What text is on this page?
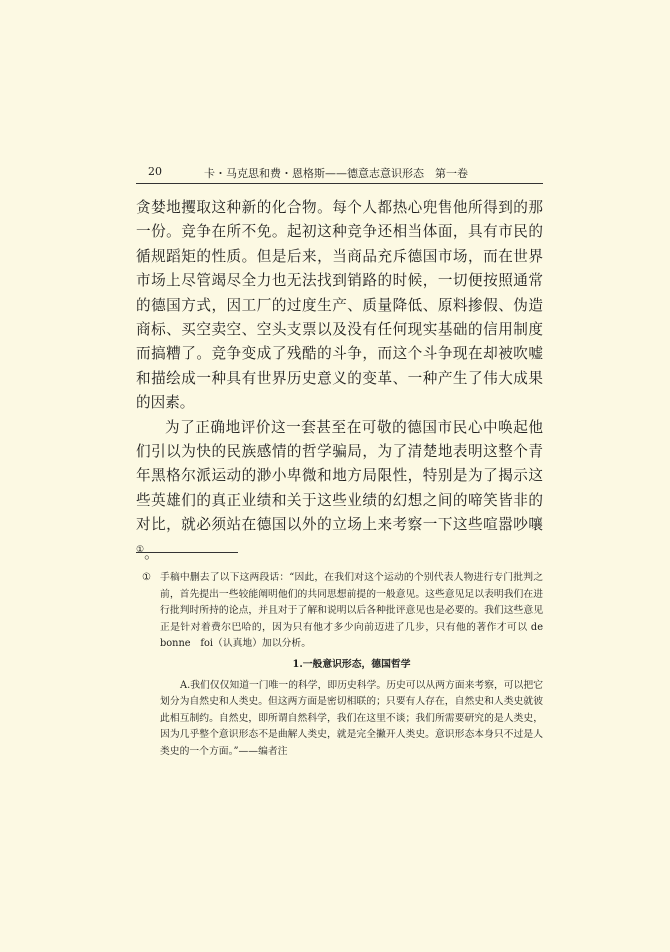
20	卡・马克思和费・恩格斯——德意志意识形态　第一卷

贪婪地攫取这种新的化合物。每个人都热心兜售他所得到的那一份。竞争在所不免。起初这种竞争还相当体面，具有市民的循规蹈矩的性质。但是后来，当商品充斥德国市场，而在世界市场上尽管竭尽全力也无法找到销路的时候，一切便按照通常的德国方式，因工厂的过度生产、质量降低、原料掺假、伪造商标、买空卖空、空头支票以及没有任何现实基础的信用制度而搞糟了。竞争变成了残酷的斗争，而这个斗争现在却被吹嘘和描绘成一种具有世界历史意义的变革、一种产生了伟大成果的因素。

为了正确地评价这一套甚至在可敬的德国市民心中唤起他们引以为快的民族感情的哲学骗局，为了清楚地表明这整个青年黑格尔派运动的渺小卑微和地方局限性，特别是为了揭示这些英雄们的真正业绩和关于这些业绩的幻想之间的啼笑皆非的对比，就必须站在德国以外的立场上来考察一下这些喧嚣吵嚷①。

① 手稿中删去了以下这两段话：“因此，在我们对这个运动的个别代表人物进行专门批判之前，首先提出一些较能阐明他们的共同思想前提的一般意见。这些意见足以表明我们在进行批判时所持的论点，并且对于了解和说明以后各种批评意见也是必要的。我们这些意见正是针对着费尔巴哈的，因为只有他才多少向前迈进了几步，只有他的著作才可以 de　bonne　foi（认真地）加以分析。

1.一般意识形态，德国哲学

A.我们仅仅知道一门唯一的科学，即历史科学。历史可以从两方面来考察，可以把它划分为自然史和人类史。但这两方面是密切相联的；只要有人存在，自然史和人类史就彼此相互制约。自然史，即所谓自然科学，我们在这里不谈；我们所需要研究的是人类史，因为几乎整个意识形态不是曲解人类史，就是完全撇开人类史。意识形态本身只不过是人类史的一个方面。”——编者注
